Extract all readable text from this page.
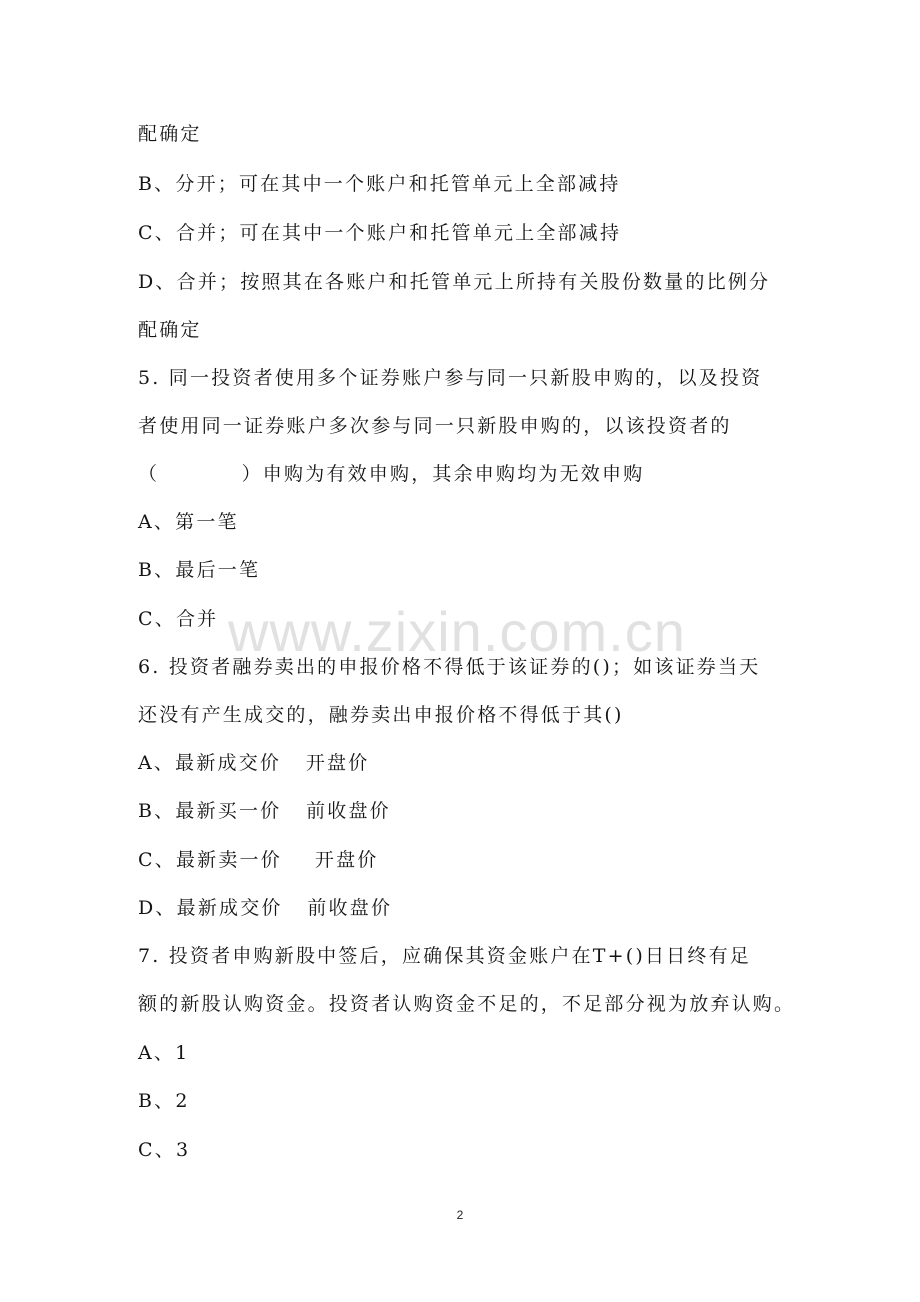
配确定
B、分开；可在其中一个账户和托管单元上全部减持
C、合并；可在其中一个账户和托管单元上全部减持
D、合并；按照其在各账户和托管单元上所持有关股份数量的比例分
配确定
5. 同一投资者使用多个证券账户参与同一只新股申购的，以及投资
者使用同一证券账户多次参与同一只新股申购的，以该投资者的
（          ）申购为有效申购，其余申购均为无效申购
A、第一笔
B、最后一笔
C、合并
6. 投资者融券卖出的申报价格不得低于该证券的()；如该证券当天
还没有产生成交的，融券卖出申报价格不得低于其()
A、最新成交价   开盘价
B、最新买一价   前收盘价
C、最新卖一价    开盘价
D、最新成交价   前收盘价
7. 投资者申购新股中签后，应确保其资金账户在T+()日日终有足
额的新股认购资金。投资者认购资金不足的，不足部分视为放弃认购。
A、1
B、2
C、3
www.zixin.com.cn
2
